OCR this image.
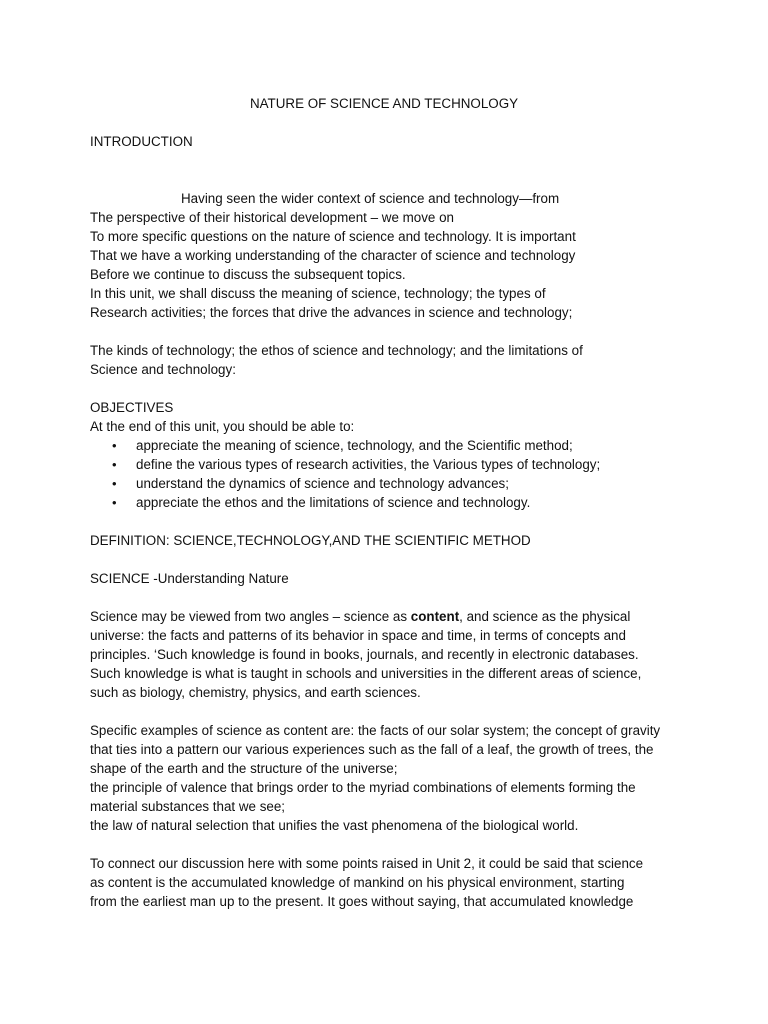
NATURE OF SCIENCE AND TECHNOLOGY
INTRODUCTION
Having seen the wider context of science and technology—from
The perspective of their historical development – we move on
To more specific questions on the nature of science and technology. It is important
That we have a working understanding of the character of science and technology
Before we continue to discuss the subsequent topics.
In this unit, we shall discuss the meaning of science, technology; the types of
Research activities; the forces that drive the advances in science and technology;
The kinds of technology; the ethos of science and technology; and the limitations of
Science and technology:
OBJECTIVES
At the end of this unit, you should be able to:
• appreciate the meaning of science, technology, and the Scientific method;
• define the various types of research activities, the Various types of technology;
• understand the dynamics of science and technology advances;
• appreciate the ethos and the limitations of science and technology.
DEFINITION: SCIENCE,TECHNOLOGY,AND THE SCIENTIFIC METHOD
SCIENCE -Understanding Nature
Science may be viewed from two angles – science as content, and science as the physical
universe: the facts and patterns of its behavior in space and time, in terms of concepts and
principles. ‘Such knowledge is found in books, journals, and recently in electronic databases.
Such knowledge is what is taught in schools and universities in the different areas of science,
such as biology, chemistry, physics, and earth sciences.
Specific examples of science as content are: the facts of our solar system; the concept of gravity
that ties into a pattern our various experiences such as the fall of a leaf, the growth of trees, the
shape of the earth and the structure of the universe;
the principle of valence that brings order to the myriad combinations of elements forming the
material substances that we see;
the law of natural selection that unifies the vast phenomena of the biological world.
To connect our discussion here with some points raised in Unit 2, it could be said that science
as content is the accumulated knowledge of mankind on his physical environment, starting
from the earliest man up to the present. It goes without saying, that accumulated knowledge
